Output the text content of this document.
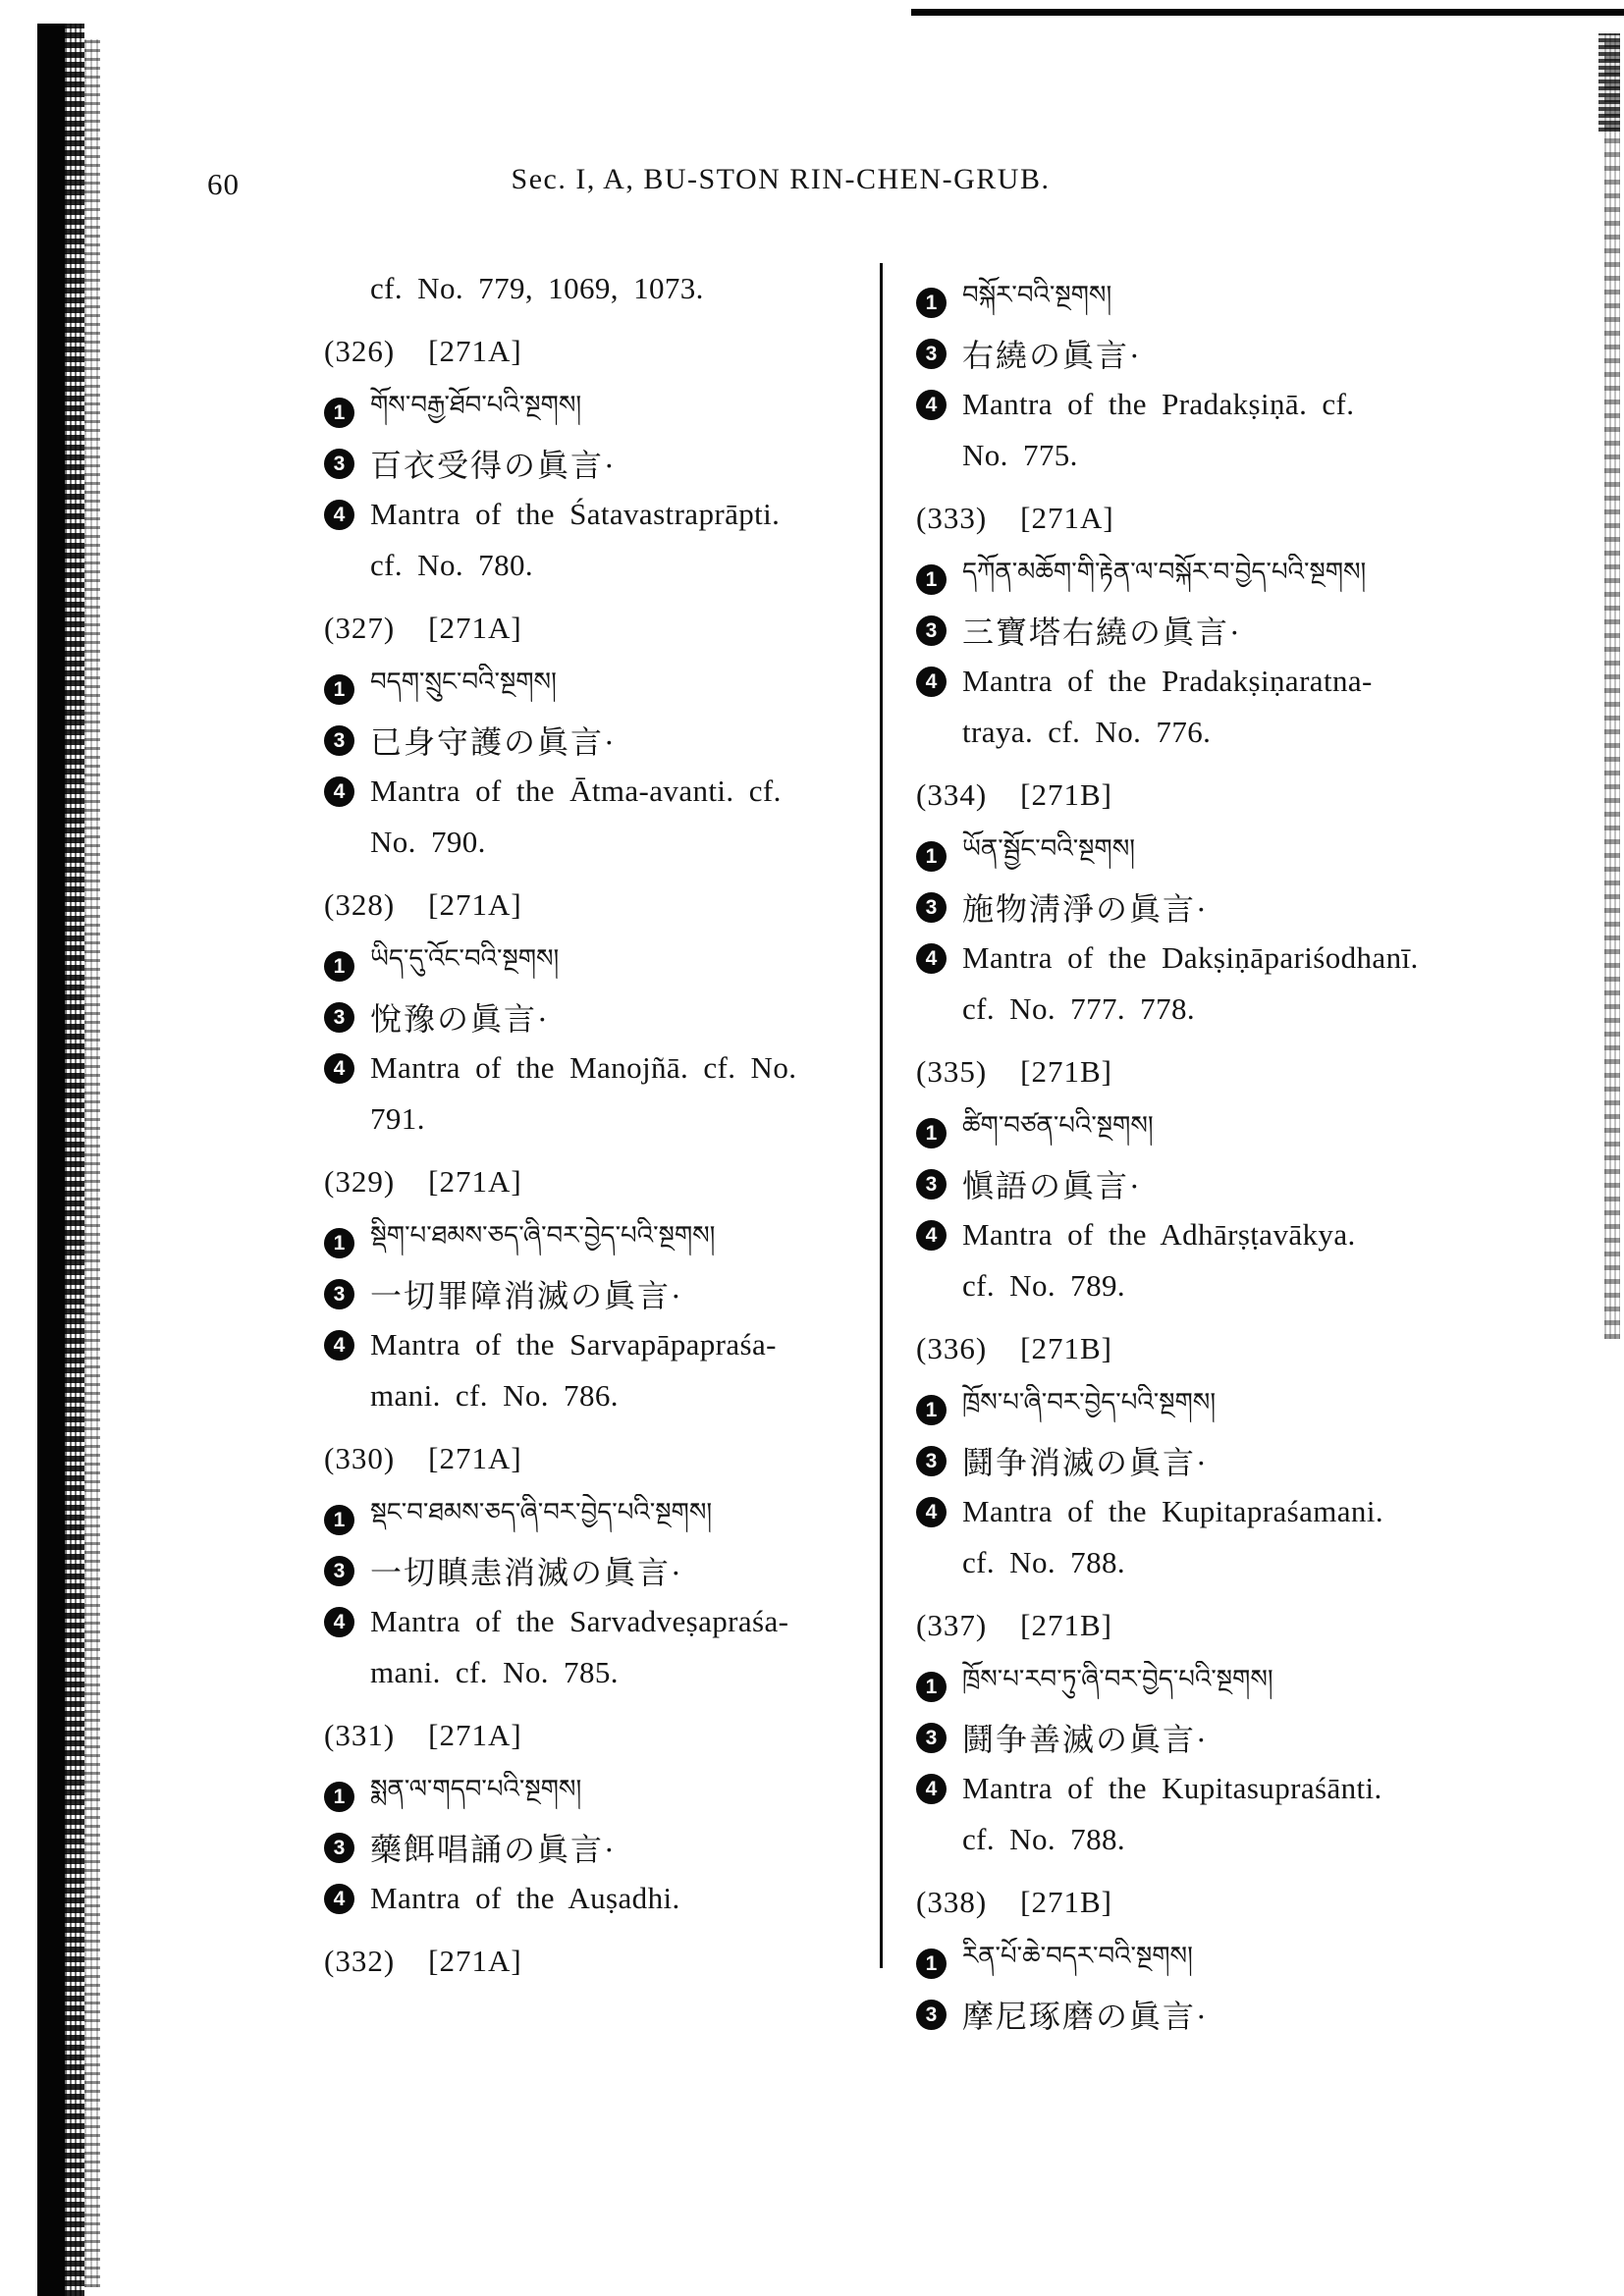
60	Sec. I, A, BU-STON RIN-CHEN-GRUB.
cf. No. 779, 1069, 1073.
(326) [271A]
1 གོས་བརྒྱ་ཐོབ་པའི་སྔགས།
3 百衣受得の眞言·
4 Mantra of the Śatavastraprāpti.
cf. No. 780.
(327) [271A]
1 བདག་སྲུང་བའི་སྔགས།
3 已身守護の眞言·
4 Mantra of the Ātma-avanti. cf.
No. 790.
(328) [271A]
1 ཡིད་དུ་འོང་བའི་སྔགས།
3 悅豫の眞言·
4 Mantra of the Manojñā. cf. No.
791.
(329) [271A]
1 སྡིག་པ་ཐམས་ཅད་ཞི་བར་བྱེད་པའི་སྔགས།
3 一切罪障消滅の眞言·
4 Mantra of the Sarvapāpapraśa-
mani. cf. No. 786.
(330) [271A]
1 སྡང་བ་ཐམས་ཅད་ཞི་བར་བྱེད་པའི་སྔགས།
3 一切瞋恚消滅の眞言·
4 Mantra of the Sarvadveṣapraśa-
mani. cf. No. 785.
(331) [271A]
1 སྨན་ལ་གདབ་པའི་སྔགས།
3 藥餌唱誦の眞言·
4 Mantra of the Auṣadhi.
(332) [271A]
1 བསྐོར་བའི་སྔགས།
3 右繞の眞言·
4 Mantra of the Pradakṣiṇā. cf.
No. 775.
(333) [271A]
1 དཀོན་མཆོག་གི་རྟེན་ལ་བསྐོར་བ་བྱེད་པའི་སྔགས།
3 三寶塔右繞の眞言·
4 Mantra of the Pradakṣiṇaratna-
traya. cf. No. 776.
(334) [271B]
1 ཡོན་སྦྱོང་བའི་སྔགས།
3 施物淸淨の眞言·
4 Mantra of the Dakṣiṇāpariśodhanī.
cf. No. 777. 778.
(335) [271B]
1 ཚིག་བཙན་པའི་སྔགས།
3 愼語の眞言·
4 Mantra of the Adhārṣṭavākya.
cf. No. 789.
(336) [271B]
1 ཁྲོས་པ་ཞི་བར་བྱེད་པའི་སྔགས།
3 鬪争消滅の眞言·
4 Mantra of the Kupitapraśamani.
cf. No. 788.
(337) [271B]
1 ཁྲོས་པ་རབ་ཏུ་ཞི་བར་བྱེད་པའི་སྔགས།
3 鬪争善滅の眞言·
4 Mantra of the Kupitasupraśānti.
cf. No. 788.
(338) [271B]
1 རིན་པོ་ཆེ་བདར་བའི་སྔགས།
3 摩尼琢磨の眞言·
